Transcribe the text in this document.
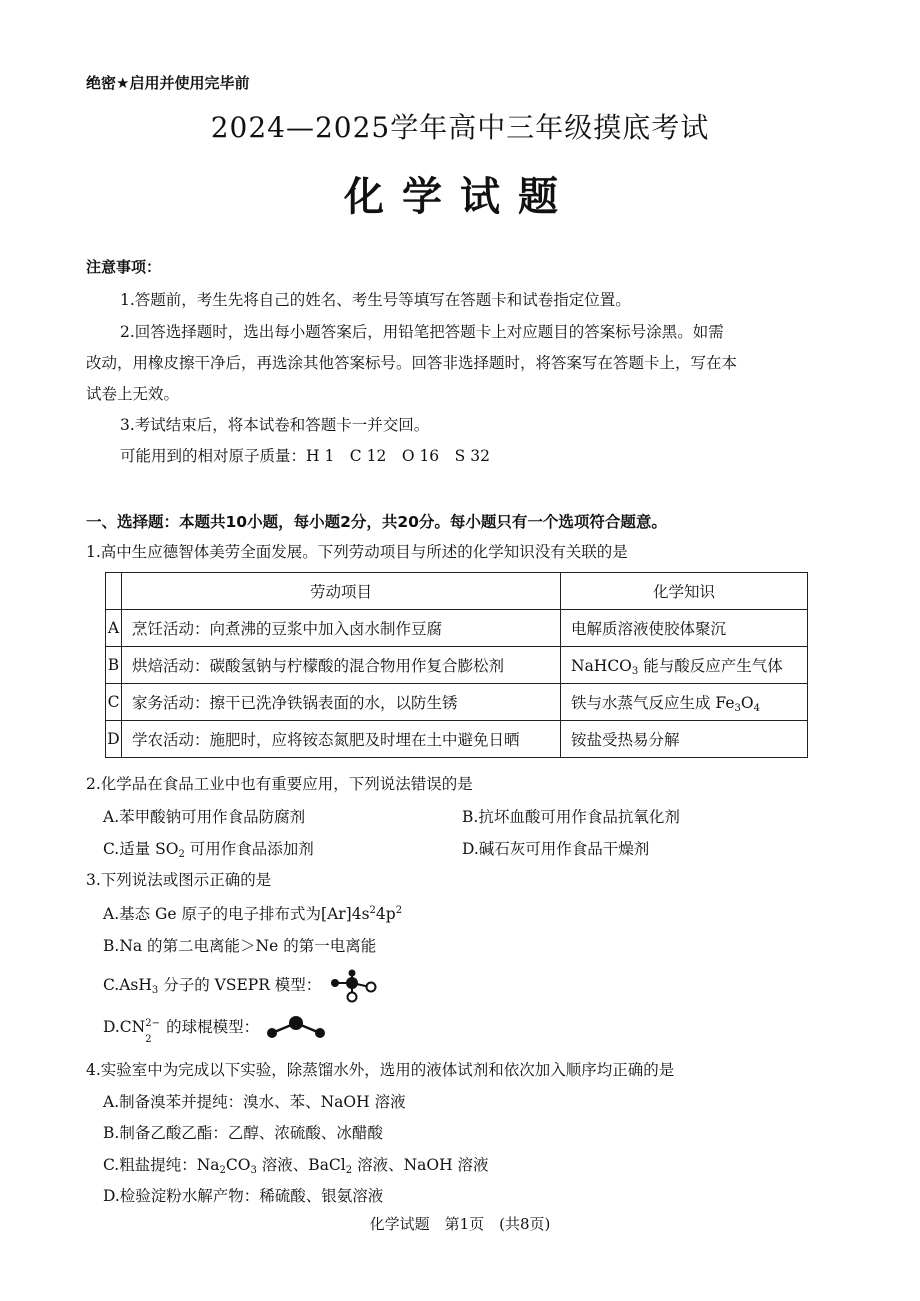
绝密★启用并使用完毕前
2024—2025学年高中三年级摸底考试
化学试题
注意事项：
1.答题前，考生先将自己的姓名、考生号等填写在答题卡和试卷指定位置。
2.回答选择题时，选出每小题答案后，用铅笔把答题卡上对应题目的答案标号涂黑。如需
改动，用橡皮擦干净后，再选涂其他答案标号。回答非选择题时，将答案写在答题卡上，写在本
试卷上无效。
3.考试结束后，将本试卷和答题卡一并交回。
可能用到的相对原子质量：H 1　C 12　O 16　S 32
一、选择题：本题共10小题，每小题2分，共20分。每小题只有一个选项符合题意。
1.高中生应德智体美劳全面发展。下列劳动项目与所述的化学知识没有关联的是
	劳动项目	化学知识
A	烹饪活动：向煮沸的豆浆中加入卤水制作豆腐	电解质溶液使胶体聚沉
B	烘焙活动：碳酸氢钠与柠檬酸的混合物用作复合膨松剂	NaHCO$_3$ 能与酸反应产生气体
C	家务活动：擦干已洗净铁锅表面的水，以防生锈	铁与水蒸气反应生成 $Fe_3O_4$
D	学农活动：施肥时，应将铵态氮肥及时埋在土中避免日晒	铵盐受热易分解
2.化学品在食品工业中也有重要应用，下列说法错误的是
A.苯甲酸钠可用作食品防腐剂	B.抗坏血酸可用作食品抗氧化剂
C.适量 $SO_2$ 可用作食品添加剂	D.碱石灰可用作食品干燥剂
3.下列说法或图示正确的是
A.基态 Ge 原子的电子排布式为$[Ar]4s^24p^2$
B.Na 的第二电离能＞Ne 的第一电离能
C.AsH$_3$ 分子的 VSEPR 模型：
D.CN 2−
2
的球棍模型：
4.实验室中为完成以下实验，除蒸馏水外，选用的液体试剂和依次加入顺序均正确的是
A.制备溴苯并提纯：溴水、苯、NaOH 溶液
B.制备乙酸乙酯：乙醇、浓硫酸、冰醋酸
C.粗盐提纯：$Na_2CO_3$ 溶液、BaCl$_2$ 溶液、NaOH 溶液
D.检验淀粉水解产物：稀硫酸、银氨溶液
化学试题　第1页　(共8页)
